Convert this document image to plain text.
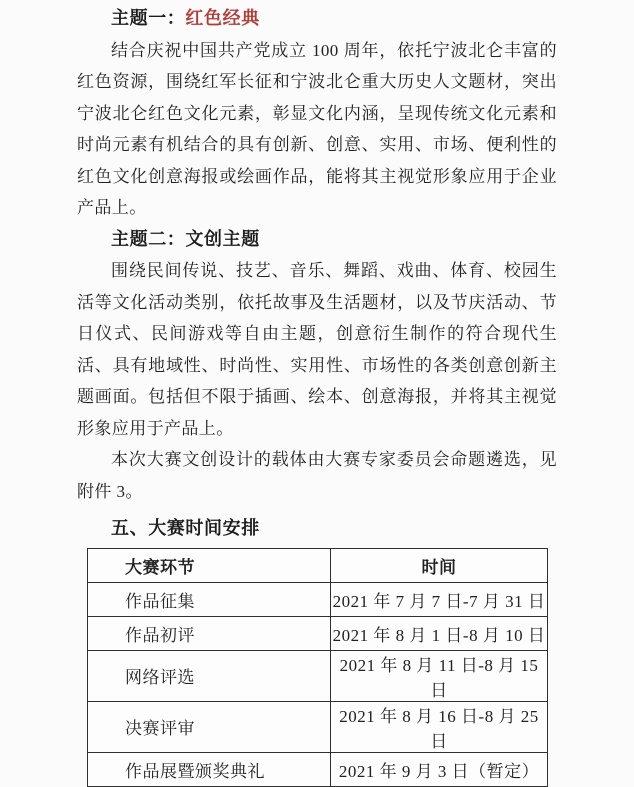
主题一：红色经典

结合庆祝中国共产党成立 100 周年，依托宁波北仑丰富的红色资源，围绕红军长征和宁波北仑重大历史人文题材，突出宁波北仑红色文化元素，彰显文化内涵，呈现传统文化元素和时尚元素有机结合的具有创新、创意、实用、市场、便利性的红色文化创意海报或绘画作品，能将其主视觉形象应用于企业产品上。

主题二：文创主题

围绕民间传说、技艺、音乐、舞蹈、戏曲、体育、校园生活等文化活动类别，依托故事及生活题材，以及节庆活动、节日仪式、民间游戏等自由主题，创意衍生制作的符合现代生活、具有地域性、时尚性、实用性、市场性的各类创意创新主题画面。包括但不限于插画、绘本、创意海报，并将其主视觉形象应用于产品上。

本次大赛文创设计的载体由大赛专家委员会命题遴选，见附件 3。

五、大赛时间安排

大赛环节	时间
作品征集	2021 年 7 月 7 日-7 月 31 日
作品初评	2021 年 8 月 1 日-8 月 10 日
网络评选	2021 年 8 月 11 日-8 月 15 日
决赛评审	2021 年 8 月 16 日-8 月 25 日
作品展暨颁奖典礼	2021 年 9 月 3 日（暂定）
